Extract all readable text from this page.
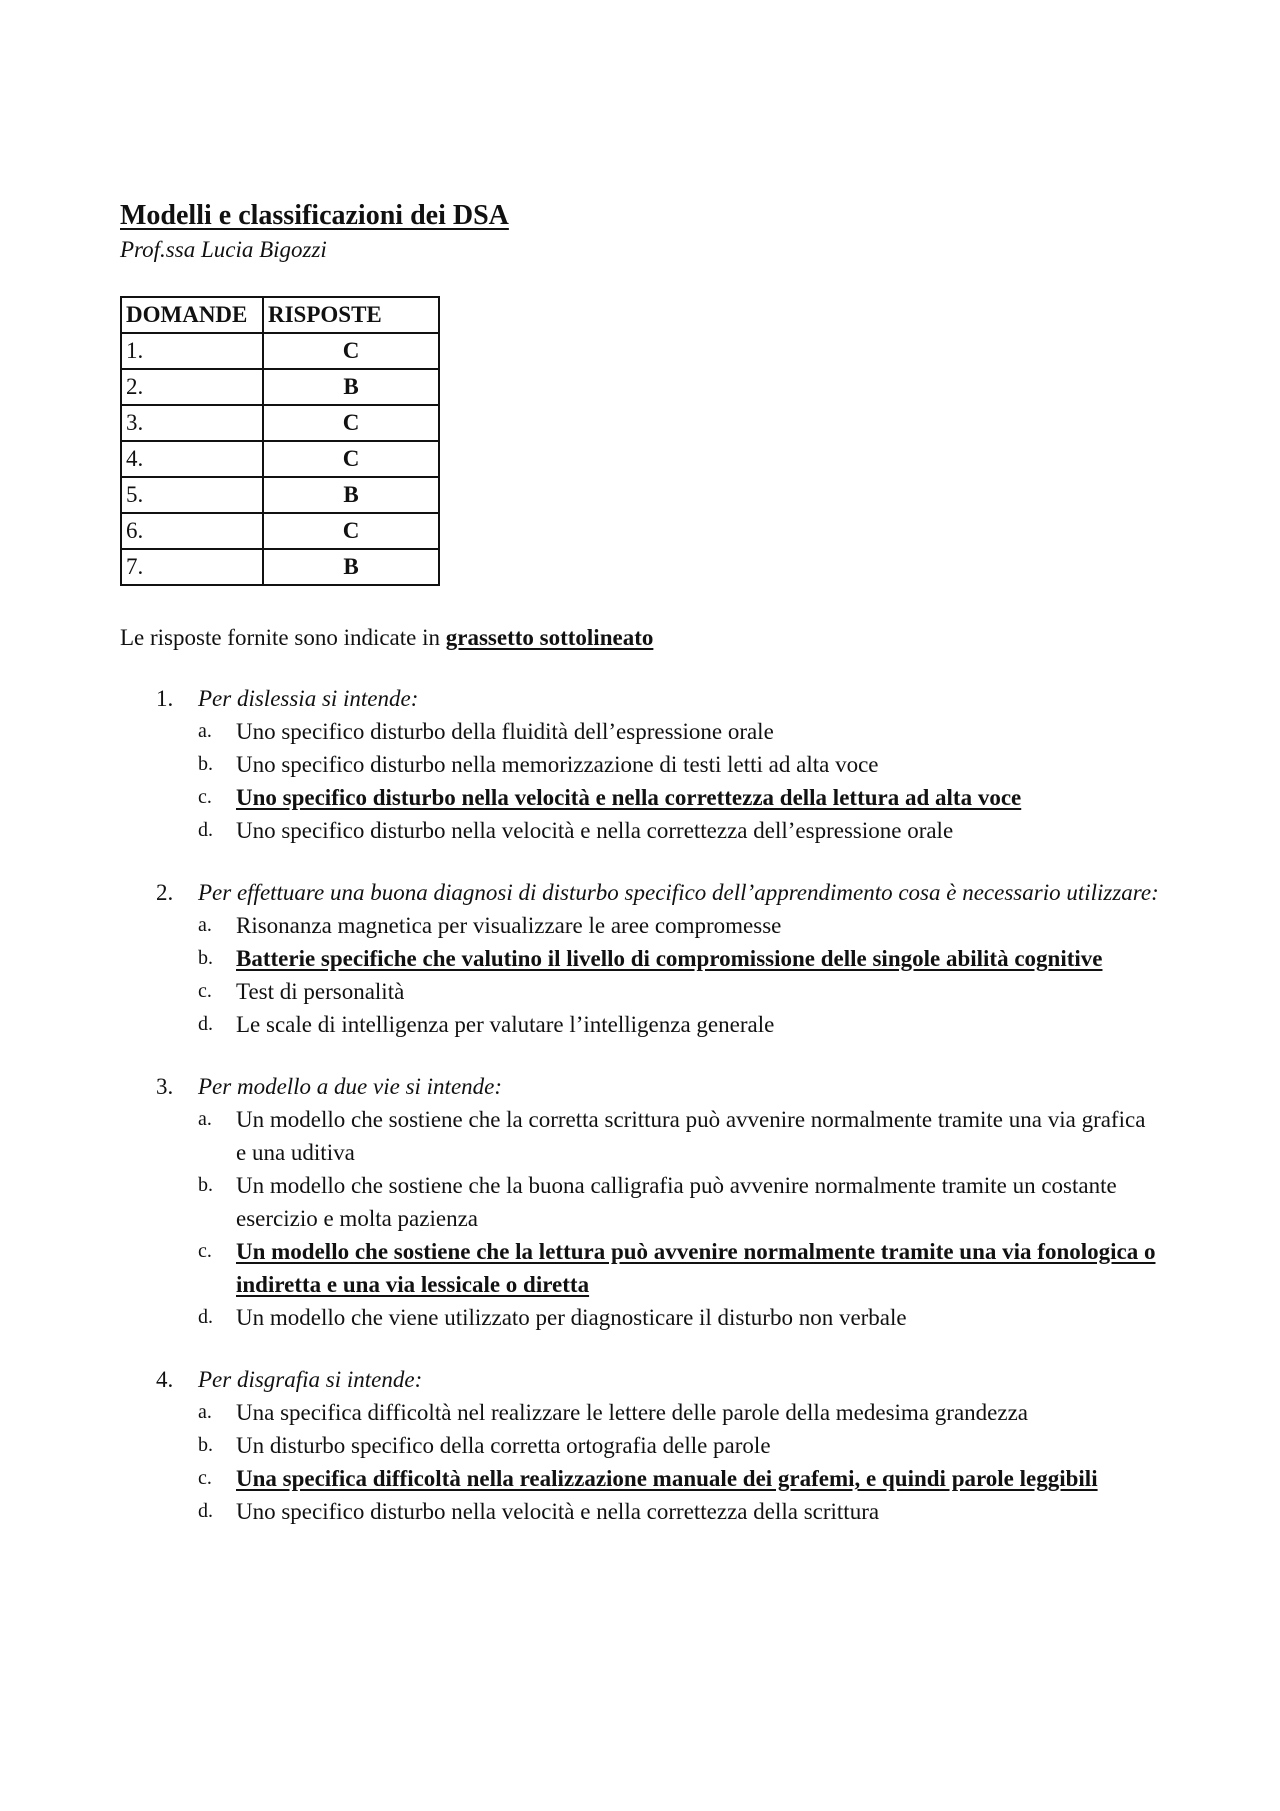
Modelli e classificazioni dei DSA
Prof.ssa Lucia Bigozzi
DOMANDE	RISPOSTE
1.	C
2.	B
3.	C
4.	C
5.	B
6.	C
7.	B
Le risposte fornite sono indicate in grassetto sottolineato
1. Per dislessia si intende:
a. Uno specifico disturbo della fluidità dell’espressione orale
b. Uno specifico disturbo nella memorizzazione di testi letti ad alta voce
c. Uno specifico disturbo nella velocità e nella correttezza della lettura ad alta voce
d. Uno specifico disturbo nella velocità e nella correttezza dell’espressione orale
2. Per effettuare una buona diagnosi di disturbo specifico dell’apprendimento cosa è necessario utilizzare:
a. Risonanza magnetica per visualizzare le aree compromesse
b. Batterie specifiche che valutino il livello di compromissione delle singole abilità cognitive
c. Test di personalità
d. Le scale di intelligenza per valutare l’intelligenza generale
3. Per modello a due vie si intende:
a. Un modello che sostiene che la corretta scrittura può avvenire normalmente tramite una via grafica e una uditiva
b. Un modello che sostiene che la buona calligrafia può avvenire normalmente tramite un costante esercizio e molta pazienza
c. Un modello che sostiene che la lettura può avvenire normalmente tramite una via fonologica o indiretta e una via lessicale o diretta
d. Un modello che viene utilizzato per diagnosticare il disturbo non verbale
4. Per disgrafia si intende:
a. Una specifica difficoltà nel realizzare le lettere delle parole della medesima grandezza
b. Un disturbo specifico della corretta ortografia delle parole
c. Una specifica difficoltà nella realizzazione manuale dei grafemi, e quindi parole leggibili
d. Uno specifico disturbo nella velocità e nella correttezza della scrittura
